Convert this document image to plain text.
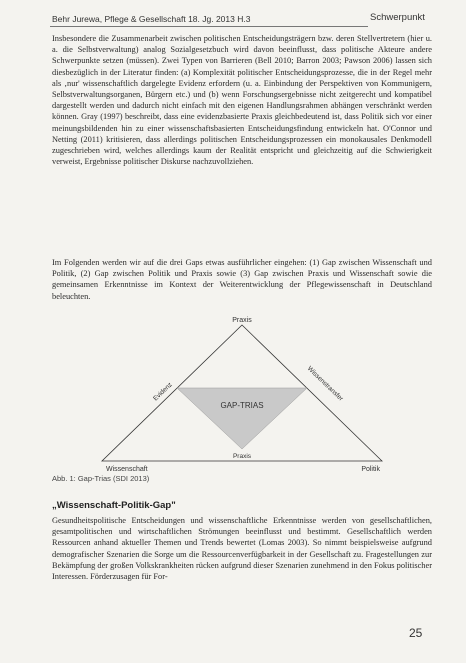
Behr Jurewa, Pflege & Gesellschaft 18. Jg. 2013 H.3	Schwerpunkt

Insbesondere die Zusammenarbeit zwischen politischen Entscheidungsträgern bzw. deren Stellvertretern (hier u. a. die Selbstverwaltung) analog Sozialgesetzbuch wird davon beeinflusst, dass politische Akteure andere Schwerpunkte setzen (müssen). Zwei Typen von Barrieren (Bell 2010; Barron 2003; Pawson 2006) lassen sich diesbezüglich in der Literatur finden: (a) Komplexität politischer Entscheidungsprozesse, die in der Regel mehr als ‚nur' wissenschaftlich dargelegte Evidenz erfordern (u. a. Einbindung der Perspektiven von Kommunigern, Selbstverwaltungsorganen, Bürgern etc.) und (b) wenn Forschungsergebnisse nicht zeitgerecht und kompatibel dargestellt werden und dadurch nicht einfach mit den eigenen Handlungsrahmen abhängen verschränkt werden können. Gray (1997) beschreibt, dass eine evidenzbasierte Praxis gleichbedeutend ist, dass Politik sich vor einer meinungsbildenden hin zu einer wissenschaftsbasierten Entscheidungsfindung entwickeln hat. O'Connor und Netting (2011) kritisieren, dass allerdings politischen Entscheidungsprozessen ein monokausales Denkmodell zugeschrieben wird, welches allerdings kaum der Realität entspricht und gleichzeitig auf die Schwierigkeit verweist, Ergebnisse politischer Diskurse nachzuvollziehen.

Im Folgenden werden wir auf die drei Gaps etwas ausführlicher eingehen: (1) Gap zwischen Wissenschaft und Politik, (2) Gap zwischen Politik und Praxis sowie (3) Gap zwischen Praxis und Wissenschaft sowie die gemeinsamen Erkenntnisse im Kontext der Weiterentwicklung der Pflegewissenschaft in Deutschland beleuchten.

Praxis
Evidenz	Wissenstransfer
GAP-TRIAS
Praxis
Wissenschaft	Politik
Abb. 1: Gap-Trias (SDI 2013)
„Wissenschaft-Politik-Gap"

Gesundheitspolitische Entscheidungen und wissenschaftliche Erkenntnisse werden von gesellschaftlichen, gesamtpolitischen und wirtschaftlichen Strömungen beeinflusst und bestimmt. Gesellschaftlich werden Ressourcen anhand aktueller Themen und Trends bewertet (Lomas 2003). So nimmt beispielsweise aufgrund demografischer Szenarien die Sorge um die Ressourcenverfügbarkeit in der Gesellschaft zu. Fragestellungen zur Bekämpfung der großen Volkskrankheiten rücken aufgrund dieser Szenarien zunehmend in den Fokus politischer Interessen. Förderzusagen für For-

25
